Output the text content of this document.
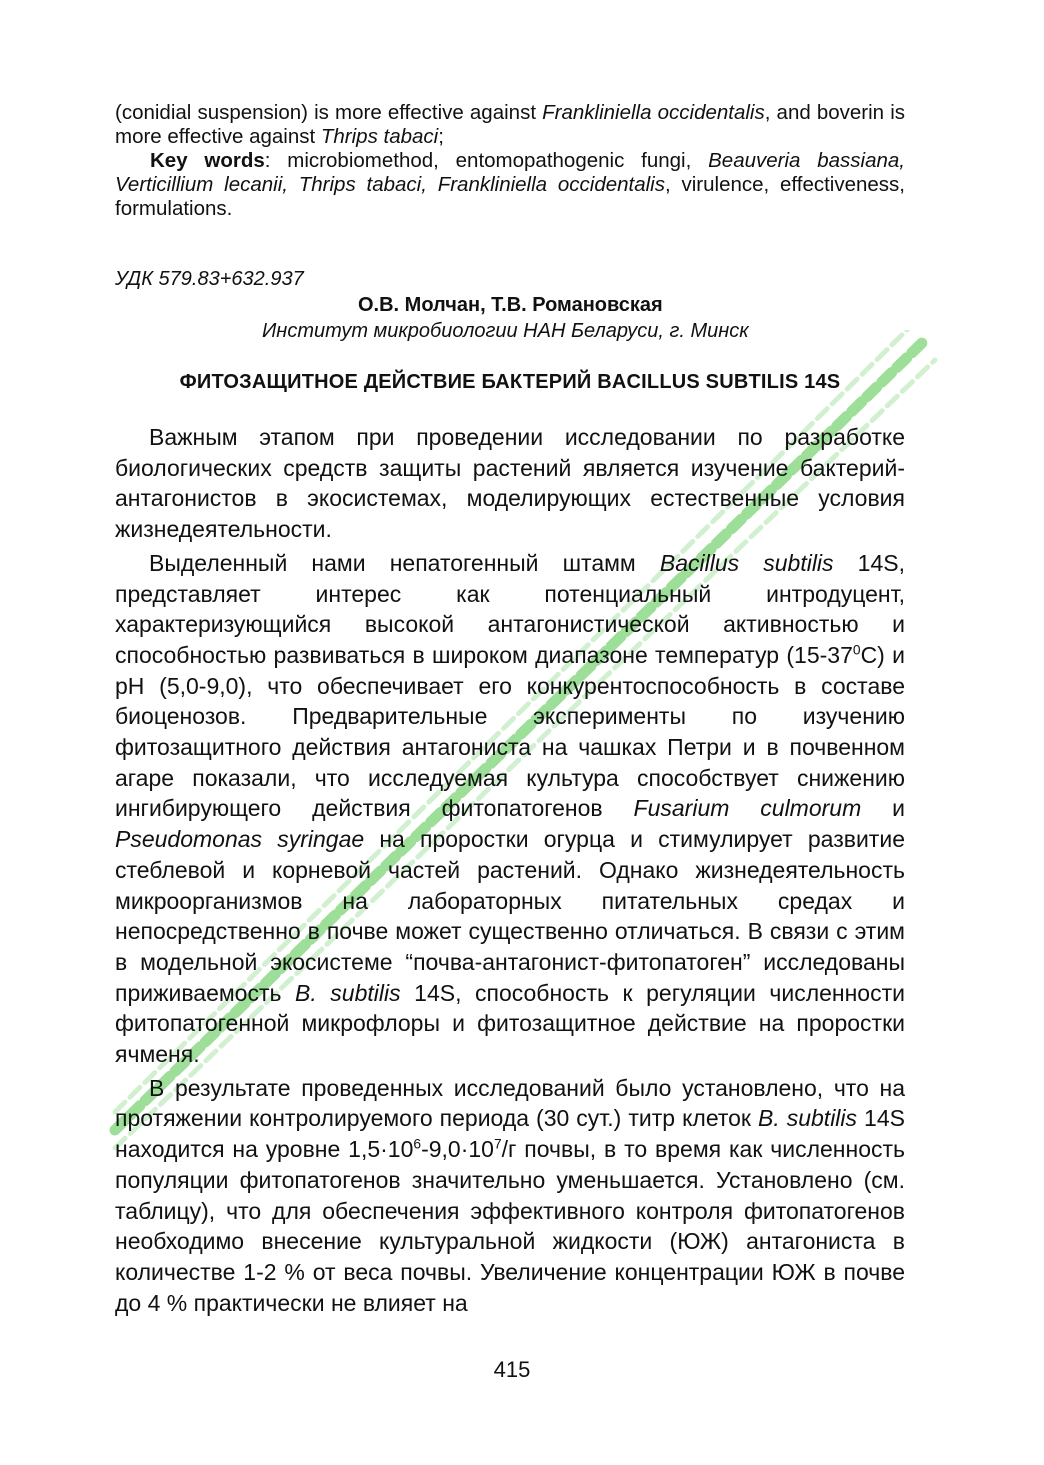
(conidial suspension) is more effective against Frankliniella occidentalis, and boverin is more effective against Thrips tabaci;

Key words: microbiomethod, entomopathogenic fungi, Beauveria bassiana, Verticillium lecanii, Thrips tabaci, Frankliniella occidentalis, virulence, effectiveness, formulations.

УДК 579.83+632.937
О.В. Молчан, Т.В. Романовская
Институт микробиологии НАН Беларуси, г. Минск
ФИТОЗАЩИТНОЕ ДЕЙСТВИЕ БАКТЕРИЙ BACILLUS SUBTILIS 14S

Важным этапом при проведении исследовании по разработке биологических средств защиты растений является изучение бактерий-антагонистов в экосистемах, моделирующих естественные условия жизнедеятельности.

Выделенный нами непатогенный штамм Bacillus subtilis 14S, представляет интерес как потенциальный интродуцент, характеризующийся высокой антагонистической активностью и способностью развиваться в широком диапазоне температур $(15-37^0С)$ и рН (5,0-9,0), что обеспечивает его конкурентоспособность в составе биоценозов. Предварительные эксперименты по изучению фитозащитного действия антагониста на чашках Петри и в почвенном агаре показали, что исследуемая культура способствует снижению ингибирующего действия фитопатогенов Fusarium culmorum и Pseudomonas syringae на проростки огурца и стимулирует развитие стеблевой и корневой частей растений. Однако жизнедеятельность микроорганизмов на лабораторных питательных средах и непосредственно в почве может существенно отличаться. В связи с этим в модельной экосистеме “почва-антагонист-фитопатоген” исследованы приживаемость B. subtilis 14S, способность к регуляции численности фитопатогенной микрофлоры и фитозащитное действие на проростки ячменя.

В результате проведенных исследований было установлено, что на протяжении контролируемого периода (30 сут.) титр клеток B. subtilis 14S находится на уровне $1,5\cdot 10^6-9,0\cdot 10^7/г$ почвы, в то время как численность популяции фитопатогенов значительно уменьшается. Установлено (см. таблицу), что для обеспечения эффективного контроля фитопатогенов необходимо внесение культуральной жидкости (ЮЖ) антагониста в количестве 1-2 % от веса почвы. Увеличение концентрации ЮЖ в почве до 4 % практически не влияет на

415
